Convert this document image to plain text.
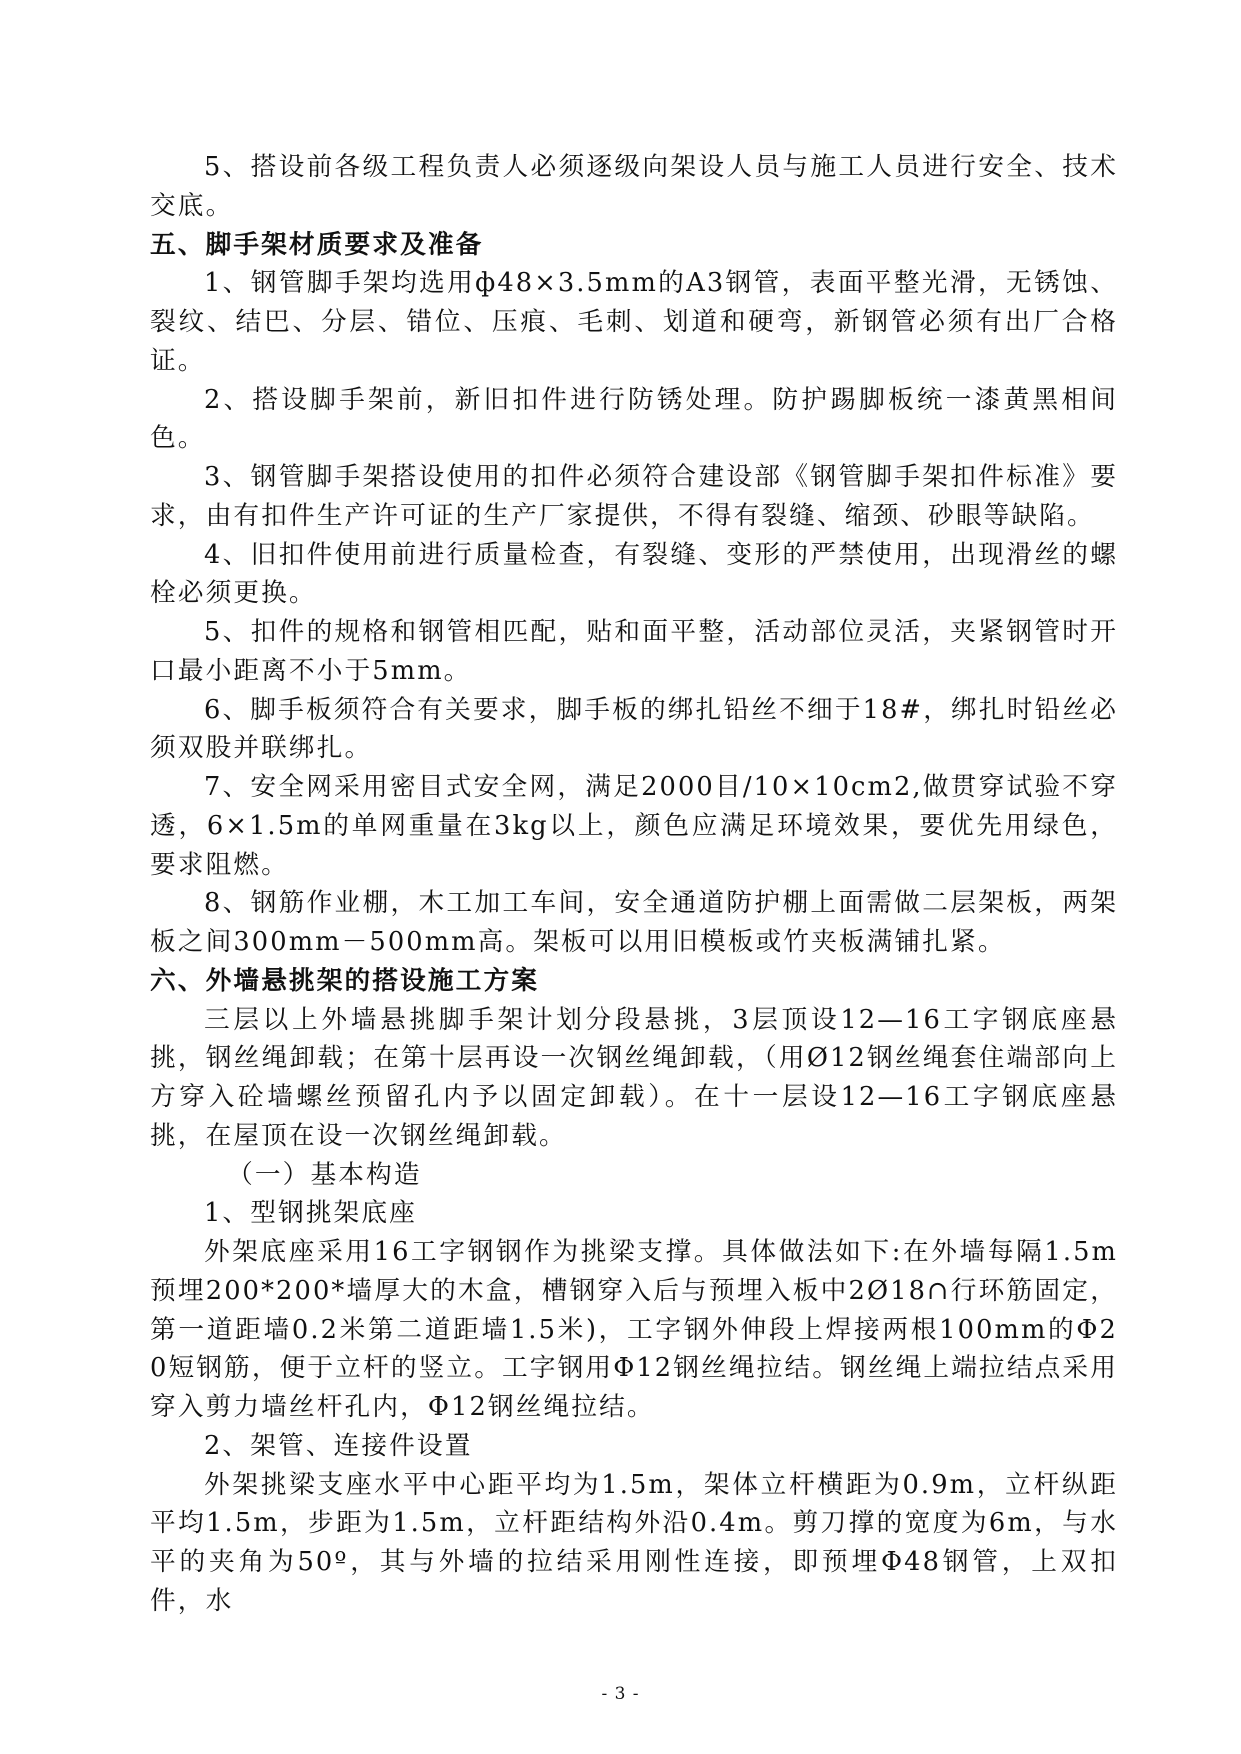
5、搭设前各级工程负责人必须逐级向架设人员与施工人员进行安全、技术交底。

五、脚手架材质要求及准备

1、钢管脚手架均选用ф48×3.5mm的A3钢管，表面平整光滑，无锈蚀、裂纹、结巴、分层、错位、压痕、毛刺、划道和硬弯，新钢管必须有出厂合格证。

2、搭设脚手架前，新旧扣件进行防锈处理。防护踢脚板统一漆黄黑相间色。

3、钢管脚手架搭设使用的扣件必须符合建设部《钢管脚手架扣件标准》要求，由有扣件生产许可证的生产厂家提供，不得有裂缝、缩颈、砂眼等缺陷。

4、旧扣件使用前进行质量检查，有裂缝、变形的严禁使用，出现滑丝的螺栓必须更换。

5、扣件的规格和钢管相匹配，贴和面平整，活动部位灵活，夹紧钢管时开口最小距离不小于5mm。

6、脚手板须符合有关要求，脚手板的绑扎铅丝不细于18#，绑扎时铅丝必须双股并联绑扎。

7、安全网采用密目式安全网，满足2000目/10×10cm2,做贯穿试验不穿透，6×1.5m的单网重量在3kg以上，颜色应满足环境效果，要优先用绿色，要求阻燃。

8、钢筋作业棚，木工加工车间，安全通道防护棚上面需做二层架板，两架板之间300mm－500mm高。架板可以用旧模板或竹夹板满铺扎紧。

六、外墙悬挑架的搭设施工方案

三层以上外墙悬挑脚手架计划分段悬挑，3层顶设12—16工字钢底座悬挑，钢丝绳卸载；在第十层再设一次钢丝绳卸载，（用Ø12钢丝绳套住端部向上方穿入砼墙螺丝预留孔内予以固定卸载）。在十一层设12—16工字钢底座悬挑，在屋顶在设一次钢丝绳卸载。

（一）基本构造

1、型钢挑架底座

外架底座采用16工字钢钢作为挑梁支撑。具体做法如下:在外墙每隔1.5m预埋200*200*墙厚大的木盒，槽钢穿入后与预埋入板中2Ø18∩行环筋固定，第一道距墙0.2米第二道距墙1.5米)，工字钢外伸段上焊接两根100mm的Φ20短钢筋，便于立杆的竖立。工字钢用Φ12钢丝绳拉结。钢丝绳上端拉结点采用穿入剪力墙丝杆孔内，Φ12钢丝绳拉结。

2、架管、连接件设置

外架挑梁支座水平中心距平均为1.5m，架体立杆横距为0.9m，立杆纵距平均1.5m，步距为1.5m，立杆距结构外沿0.4m。剪刀撑的宽度为6m，与水平的夹角为50º，其与外墙的拉结采用刚性连接，即预埋Φ48钢管，上双扣件，水

- 3 -
